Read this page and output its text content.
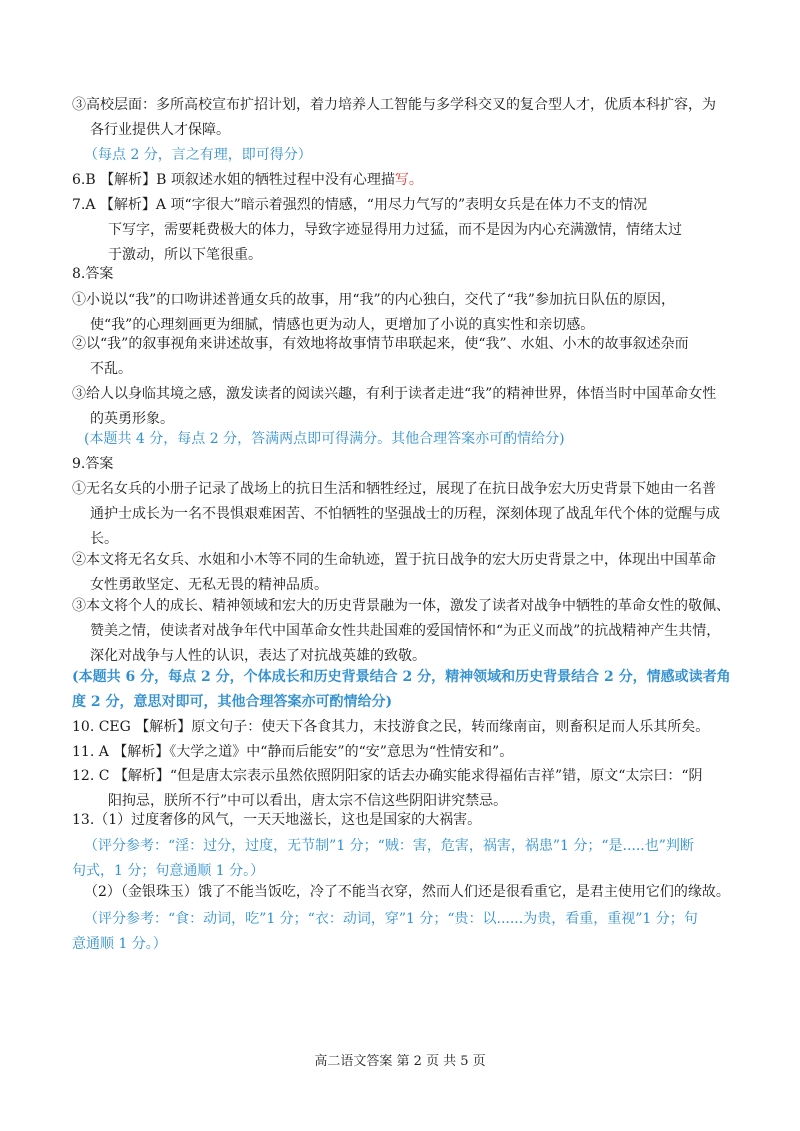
③高校层面：多所高校宣布扩招计划，着力培养人工智能与多学科交叉的复合型人才，优质本科扩容，为
各行业提供人才保障。
（每点 2 分，言之有理，即可得分）
6.B 【解析】B 项叙述水姐的牺牲过程中没有心理描写。
7.A 【解析】A 项“字很大”暗示着强烈的情感，“用尽力气写的”表明女兵是在体力不支的情况
下写字，需要耗费极大的体力，导致字迹显得用力过猛，而不是因为内心充满激情，情绪太过
于激动，所以下笔很重。
8.答案
①小说以“我”的口吻讲述普通女兵的故事，用“我”的内心独白，交代了“我”参加抗日队伍的原因，
使“我”的心理刻画更为细腻，情感也更为动人，更增加了小说的真实性和亲切感。
②以“我”的叙事视角来讲述故事，有效地将故事情节串联起来，使“我”、水姐、小木的故事叙述杂而
不乱。
③给人以身临其境之感，激发读者的阅读兴趣，有利于读者走进“我”的精神世界，体悟当时中国革命女性
的英勇形象。
(本题共 4 分，每点 2 分，答满两点即可得满分。其他合理答案亦可酌情给分)
9.答案
①无名女兵的小册子记录了战场上的抗日生活和牺牲经过，展现了在抗日战争宏大历史背景下她由一名普
通护士成长为一名不畏惧艰难困苦、不怕牺牲的坚强战士的历程，深刻体现了战乱年代个体的觉醒与成
长。
②本文将无名女兵、水姐和小木等不同的生命轨迹，置于抗日战争的宏大历史背景之中，体现出中国革命
女性勇敢坚定、无私无畏的精神品质。
③本文将个人的成长、精神领域和宏大的历史背景融为一体，激发了读者对战争中牺牲的革命女性的敬佩、
赞美之情，使读者对战争年代中国革命女性共赴国难的爱国情怀和“为正义而战”的抗战精神产生共情，
深化对战争与人性的认识，表达了对抗战英雄的致敬。
(本题共 6 分，每点 2 分，个体成长和历史背景结合 2 分，精神领域和历史背景结合 2 分，情感或读者角
度 2 分，意思对即可，其他合理答案亦可酌情给分)
10. CEG 【解析】原文句子：使天下各食其力，末技游食之民，转而缘南亩，则畜积足而人乐其所矣。
11. A 【解析】《大学之道》中“静而后能安”的“安”意思为“性情安和”。
12. C 【解析】“但是唐太宗表示虽然依照阴阳家的话去办确实能求得福佑吉祥”错，原文“太宗曰：“阴
阳拘忌，朕所不行”中可以看出，唐太宗不信这些阴阳讲究禁忌。
13.（1）过度奢侈的风气，一天天地滋长，这也是国家的大祸害。
（评分参考：“淫：过分，过度，无节制”1 分；“贼：害，危害，祸害，祸患”1 分；“是.....也”判断
句式，1 分；句意通顺 1 分。）
（2）（金银珠玉）饿了不能当饭吃，冷了不能当衣穿，然而人们还是很看重它，是君主使用它们的缘故。
（评分参考：“食：动词，吃”1 分；“衣：动词，穿”1 分；“贵：以......为贵，看重，重视”1 分；句
意通顺 1 分。）
高二语文答案 第 2 页 共 5 页
